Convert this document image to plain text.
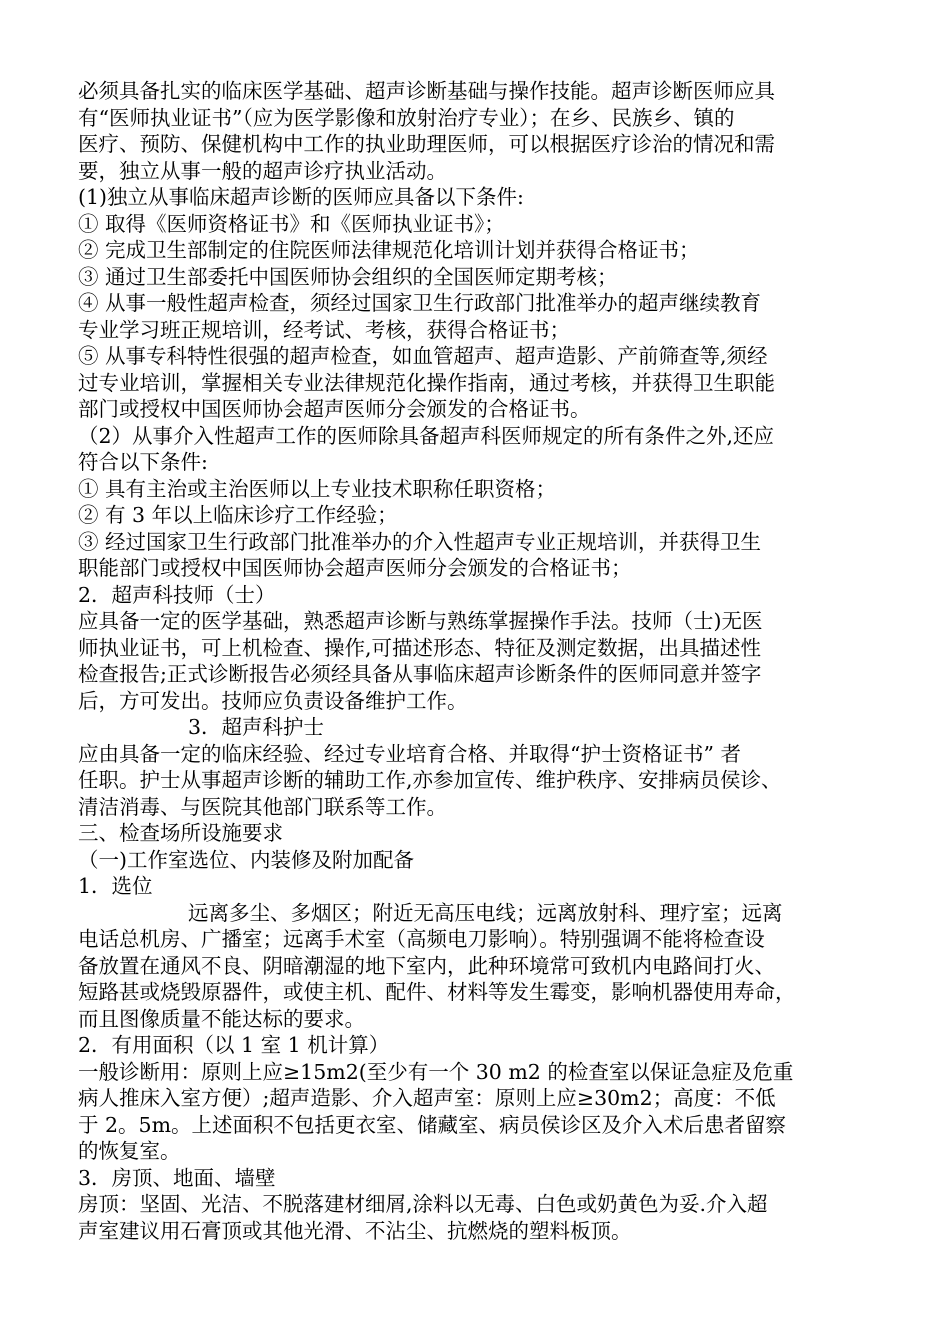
必须具备扎实的临床医学基础、超声诊断基础与操作技能。超声诊断医师应具
有“医师执业证书”（应为医学影像和放射治疗专业）；在乡、民族乡、镇的
医疗、预防、保健机构中工作的执业助理医师，可以根据医疗诊治的情况和需
要，独立从事一般的超声诊疗执业活动。
(1)独立从事临床超声诊断的医师应具备以下条件:
① 取得《医师资格证书》和《医师执业证书》；
② 完成卫生部制定的住院医师法律规范化培训计划并获得合格证书；
③ 通过卫生部委托中国医师协会组织的全国医师定期考核；
④ 从事一般性超声检查，须经过国家卫生行政部门批准举办的超声继续教育
专业学习班正规培训，经考试、考核，获得合格证书；
⑤ 从事专科特性很强的超声检查，如血管超声、超声造影、产前筛查等,须经
过专业培训，掌握相关专业法律规范化操作指南，通过考核，并获得卫生职能
部门或授权中国医师协会超声医师分会颁发的合格证书。
（2）从事介入性超声工作的医师除具备超声科医师规定的所有条件之外,还应
符合以下条件:
① 具有主治或主治医师以上专业技术职称任职资格；
② 有 3 年以上临床诊疗工作经验；
③ 经过国家卫生行政部门批准举办的介入性超声专业正规培训，并获得卫生
职能部门或授权中国医师协会超声医师分会颁发的合格证书；
2．超声科技师（士）
应具备一定的医学基础，熟悉超声诊断与熟练掌握操作手法。技师（士)无医
师执业证书，可上机检查、操作,可描述形态、特征及测定数据，出具描述性
检查报告;正式诊断报告必须经具备从事临床超声诊断条件的医师同意并签字
后，方可发出。技师应负责设备维护工作。
3．超声科护士
应由具备一定的临床经验、经过专业培育合格、并取得“护士资格证书” 者
任职。护士从事超声诊断的辅助工作,亦参加宣传、维护秩序、安排病员侯诊、
清洁消毒、与医院其他部门联系等工作。
三、检查场所设施要求
（一)工作室选位、内装修及附加配备
1．选位
远离多尘、多烟区；附近无高压电线；远离放射科、理疗室；远离
电话总机房、广播室；远离手术室（高频电刀影响）。特别强调不能将检查设
备放置在通风不良、阴暗潮湿的地下室内，此种环境常可致机内电路间打火、
短路甚或烧毁原器件，或使主机、配件、材料等发生霉变，影响机器使用寿命，
而且图像质量不能达标的要求。
2．有用面积（以 1 室 1 机计算）
一般诊断用：原则上应≥15m2(至少有一个 30 m2 的检查室以保证急症及危重
病人推床入室方便）;超声造影、介入超声室：原则上应≥30m2；高度：不低
于 2。5m。上述面积不包括更衣室、储藏室、病员侯诊区及介入术后患者留察
的恢复室。
3．房顶、地面、墙壁
房顶：坚固、光洁、不脱落建材细屑,涂料以无毒、白色或奶黄色为妥.介入超
声室建议用石膏顶或其他光滑、不沾尘、抗燃烧的塑料板顶。
